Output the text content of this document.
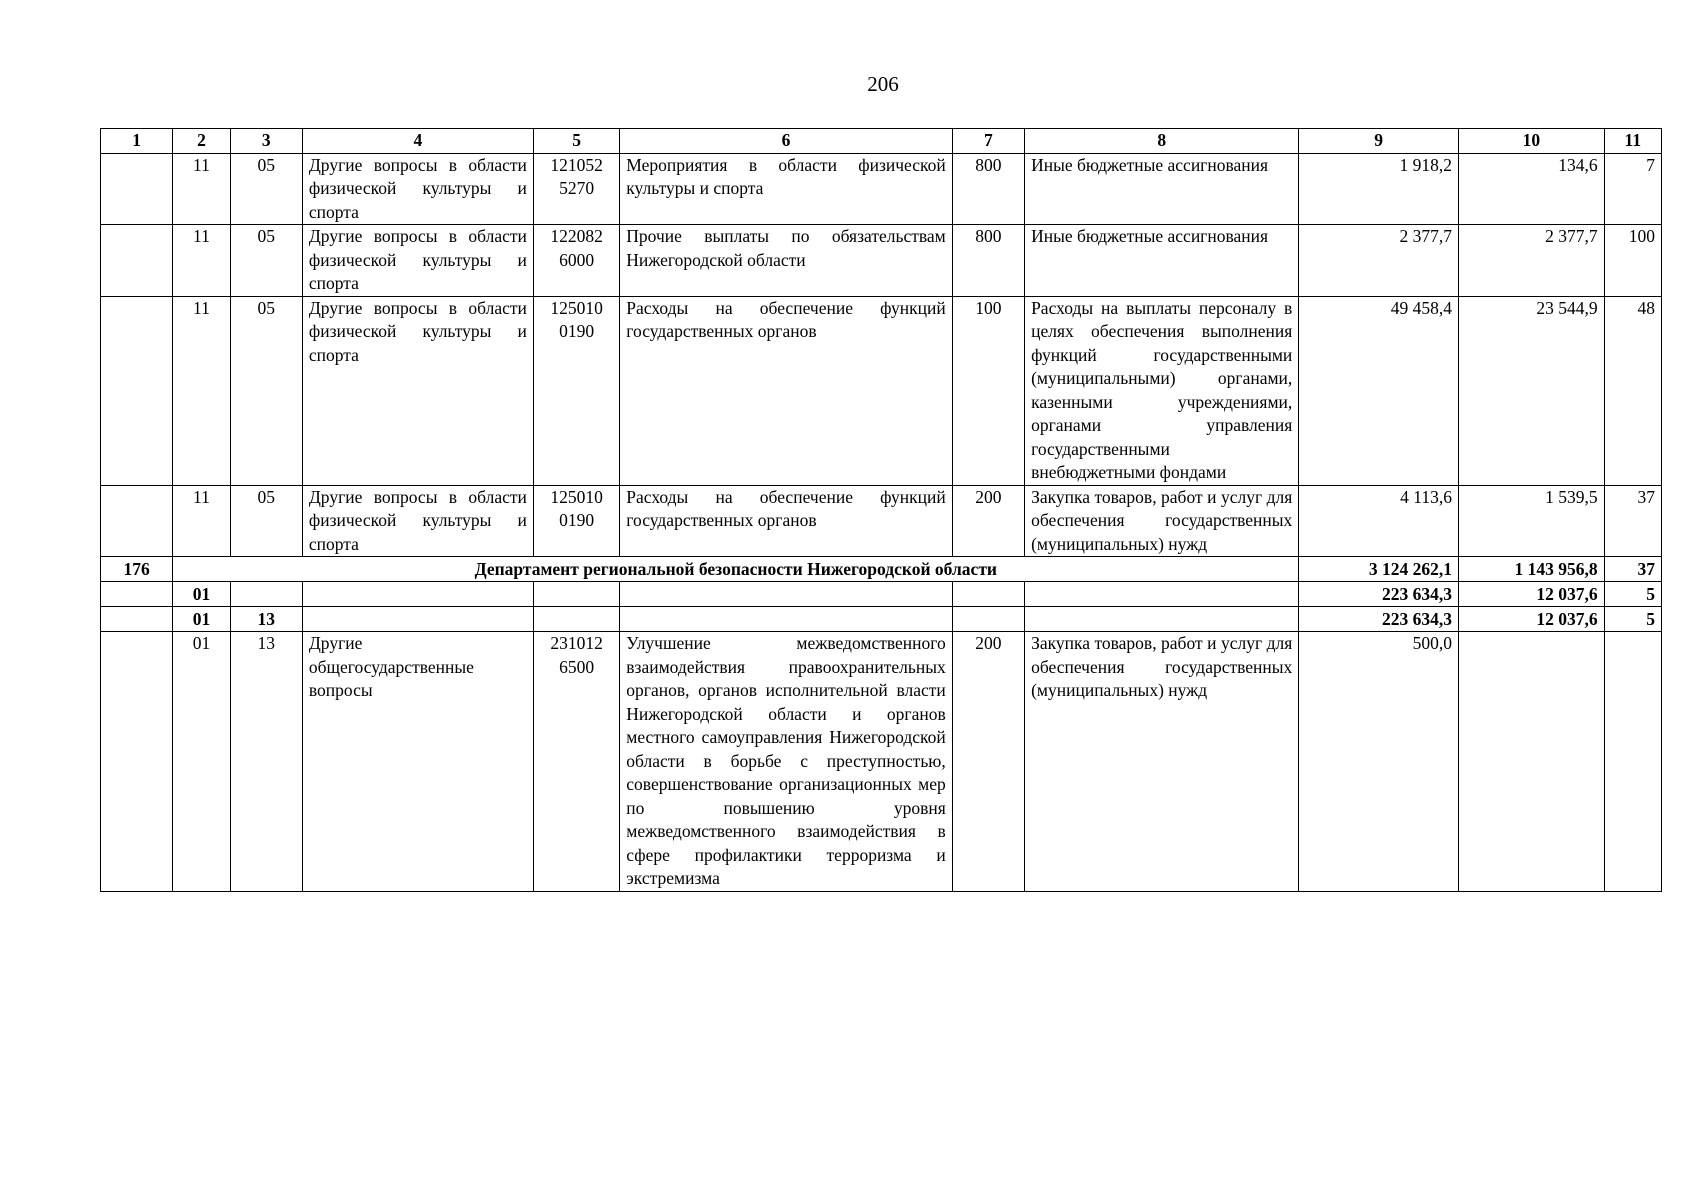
206
1	2	3	4	5	6	7	8	9	10	11
	11	05	Другие вопросы в области физической культуры и спорта	121052 5270	Мероприятия в области физической культуры и спорта	800	Иные бюджетные ассигнования	1 918,2	134,6	7
	11	05	Другие вопросы в области физической культуры и спорта	122082 6000	Прочие выплаты по обязательствам Нижегородской области	800	Иные бюджетные ассигнования	2 377,7	2 377,7	100
	11	05	Другие вопросы в области физической культуры и спорта	125010 0190	Расходы на обеспечение функций государственных органов	100	Расходы на выплаты персоналу в целях обеспечения выполнения функций государственными (муниципальными) органами, казенными учреждениями, органами управления государственными внебюджетными фондами	49 458,4	23 544,9	48
	11	05	Другие вопросы в области физической культуры и спорта	125010 0190	Расходы на обеспечение функций государственных органов	200	Закупка товаров, работ и услуг для обеспечения государственных (муниципальных) нужд	4 113,6	1 539,5	37
176	Департамент региональной безопасности Нижегородской области							3 124 262,1	1 143 956,8	37
	01							223 634,3	12 037,6	5
	01	13						223 634,3	12 037,6	5
	01	13	Другие общегосударственные вопросы	231012 6500	Улучшение межведомственного взаимодействия правоохранительных органов, органов исполнительной власти Нижегородской области и органов местного самоуправления Нижегородской области в борьбе с преступностью, совершенствование организационных мер по повышению уровня межведомственного взаимодействия в сфере профилактики терроризма и экстремизма	200	Закупка товаров, работ и услуг для обеспечения государственных (муниципальных) нужд	500,0		
